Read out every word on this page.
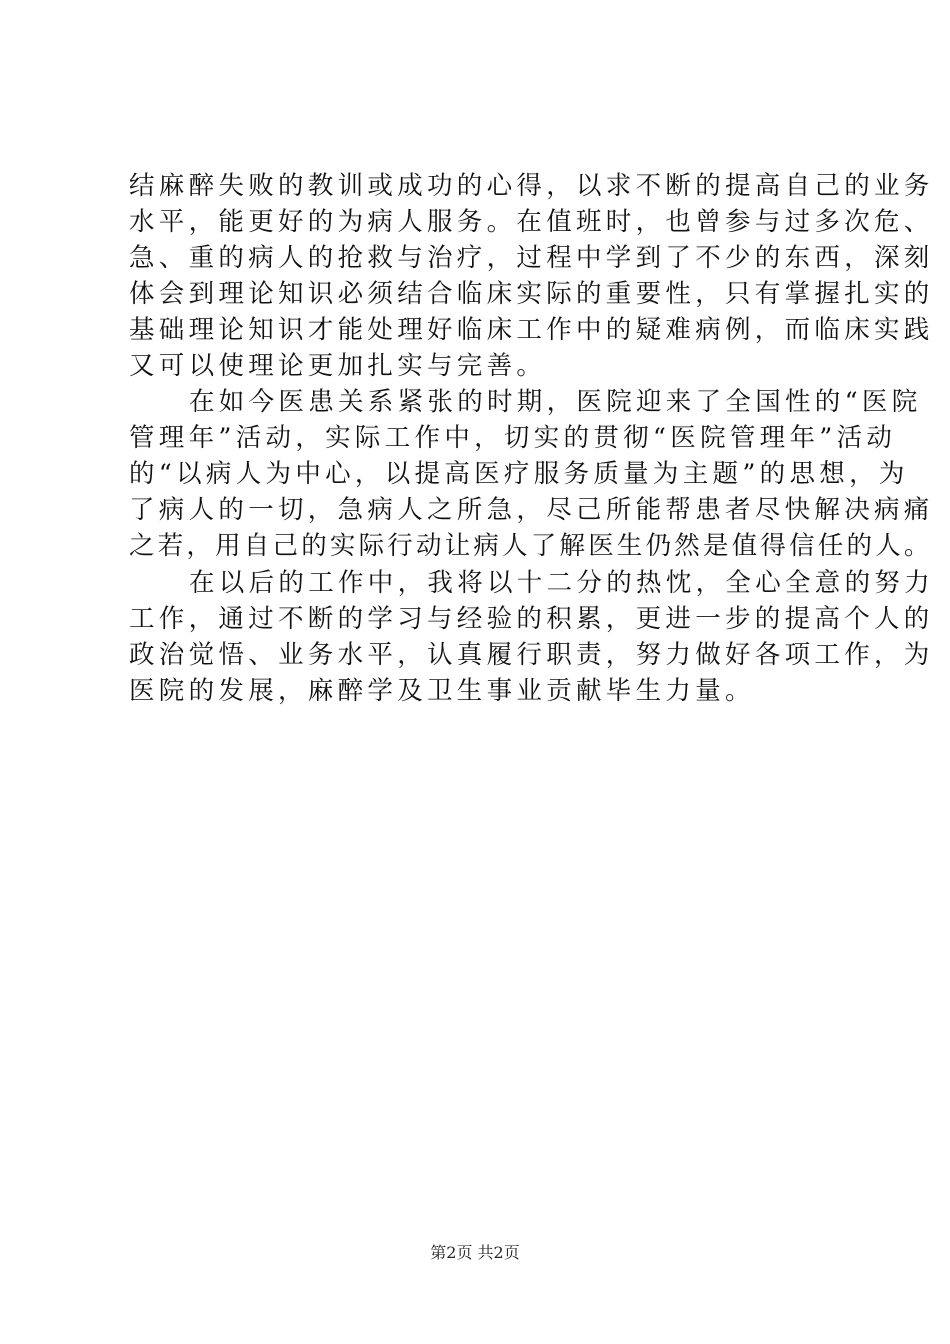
结麻醉失败的教训或成功的心得，以求不断的提高自己的业务
水平，能更好的为病人服务。在值班时，也曾参与过多次危、
急、重的病人的抢救与治疗，过程中学到了不少的东西，深刻
体会到理论知识必须结合临床实际的重要性，只有掌握扎实的
基础理论知识才能处理好临床工作中的疑难病例，而临床实践
又可以使理论更加扎实与完善。
在如今医患关系紧张的时期，医院迎来了全国性的“医院
管理年”活动，实际工作中，切实的贯彻“医院管理年”活动
的“以病人为中心，以提高医疗服务质量为主题”的思想，为
了病人的一切，急病人之所急，尽己所能帮患者尽快解决病痛
之若，用自己的实际行动让病人了解医生仍然是值得信任的人。
在以后的工作中，我将以十二分的热忱，全心全意的努力
工作，通过不断的学习与经验的积累，更进一步的提高个人的
政治觉悟、业务水平，认真履行职责，努力做好各项工作，为
医院的发展，麻醉学及卫生事业贡献毕生力量。
第2页 共2页
